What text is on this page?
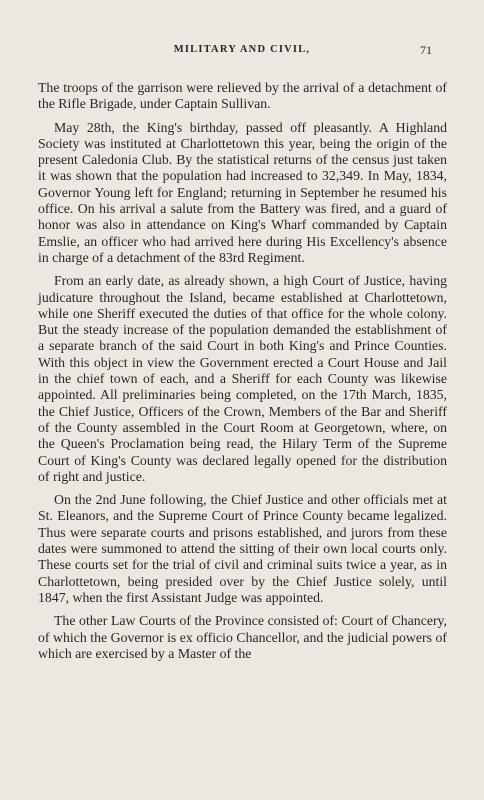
MILITARY AND CIVIL,	71

The troops of the garrison were relieved by the arrival of a detachment of the Rifle Brigade, under Captain Sullivan.

May 28th, the King's birthday, passed off pleasantly. A Highland Society was instituted at Charlottetown this year, being the origin of the present Caledonia Club. By the statistical returns of the census just taken it was shown that the population had increased to 32,349. In May, 1834, Governor Young left for England; returning in September he resumed his office. On his arrival a salute from the Battery was fired, and a guard of honor was also in attendance on King's Wharf commanded by Captain Emslie, an officer who had arrived here during His Excellency's absence in charge of a detachment of the 83rd Regiment.

From an early date, as already shown, a high Court of Justice, having judicature throughout the Island, became established at Charlottetown, while one Sheriff executed the duties of that office for the whole colony. But the steady increase of the population demanded the establishment of a separate branch of the said Court in both King's and Prince Counties. With this object in view the Government erected a Court House and Jail in the chief town of each, and a Sheriff for each County was likewise appointed. All preliminaries being completed, on the 17th March, 1835, the Chief Justice, Officers of the Crown, Members of the Bar and Sheriff of the County assembled in the Court Room at Georgetown, where, on the Queen's Proclamation being read, the Hilary Term of the Supreme Court of King's County was declared legally opened for the distribution of right and justice.

On the 2nd June following, the Chief Justice and other officials met at St. Eleanors, and the Supreme Court of Prince County became legalized. Thus were separate courts and prisons established, and jurors from these dates were summoned to attend the sitting of their own local courts only. These courts set for the trial of civil and criminal suits twice a year, as in Charlottetown, being presided over by the Chief Justice solely, until 1847, when the first Assistant Judge was appointed.

The other Law Courts of the Province consisted of: Court of Chancery, of which the Governor is ex officio Chancellor, and the judicial powers of which are exercised by a Master of the
